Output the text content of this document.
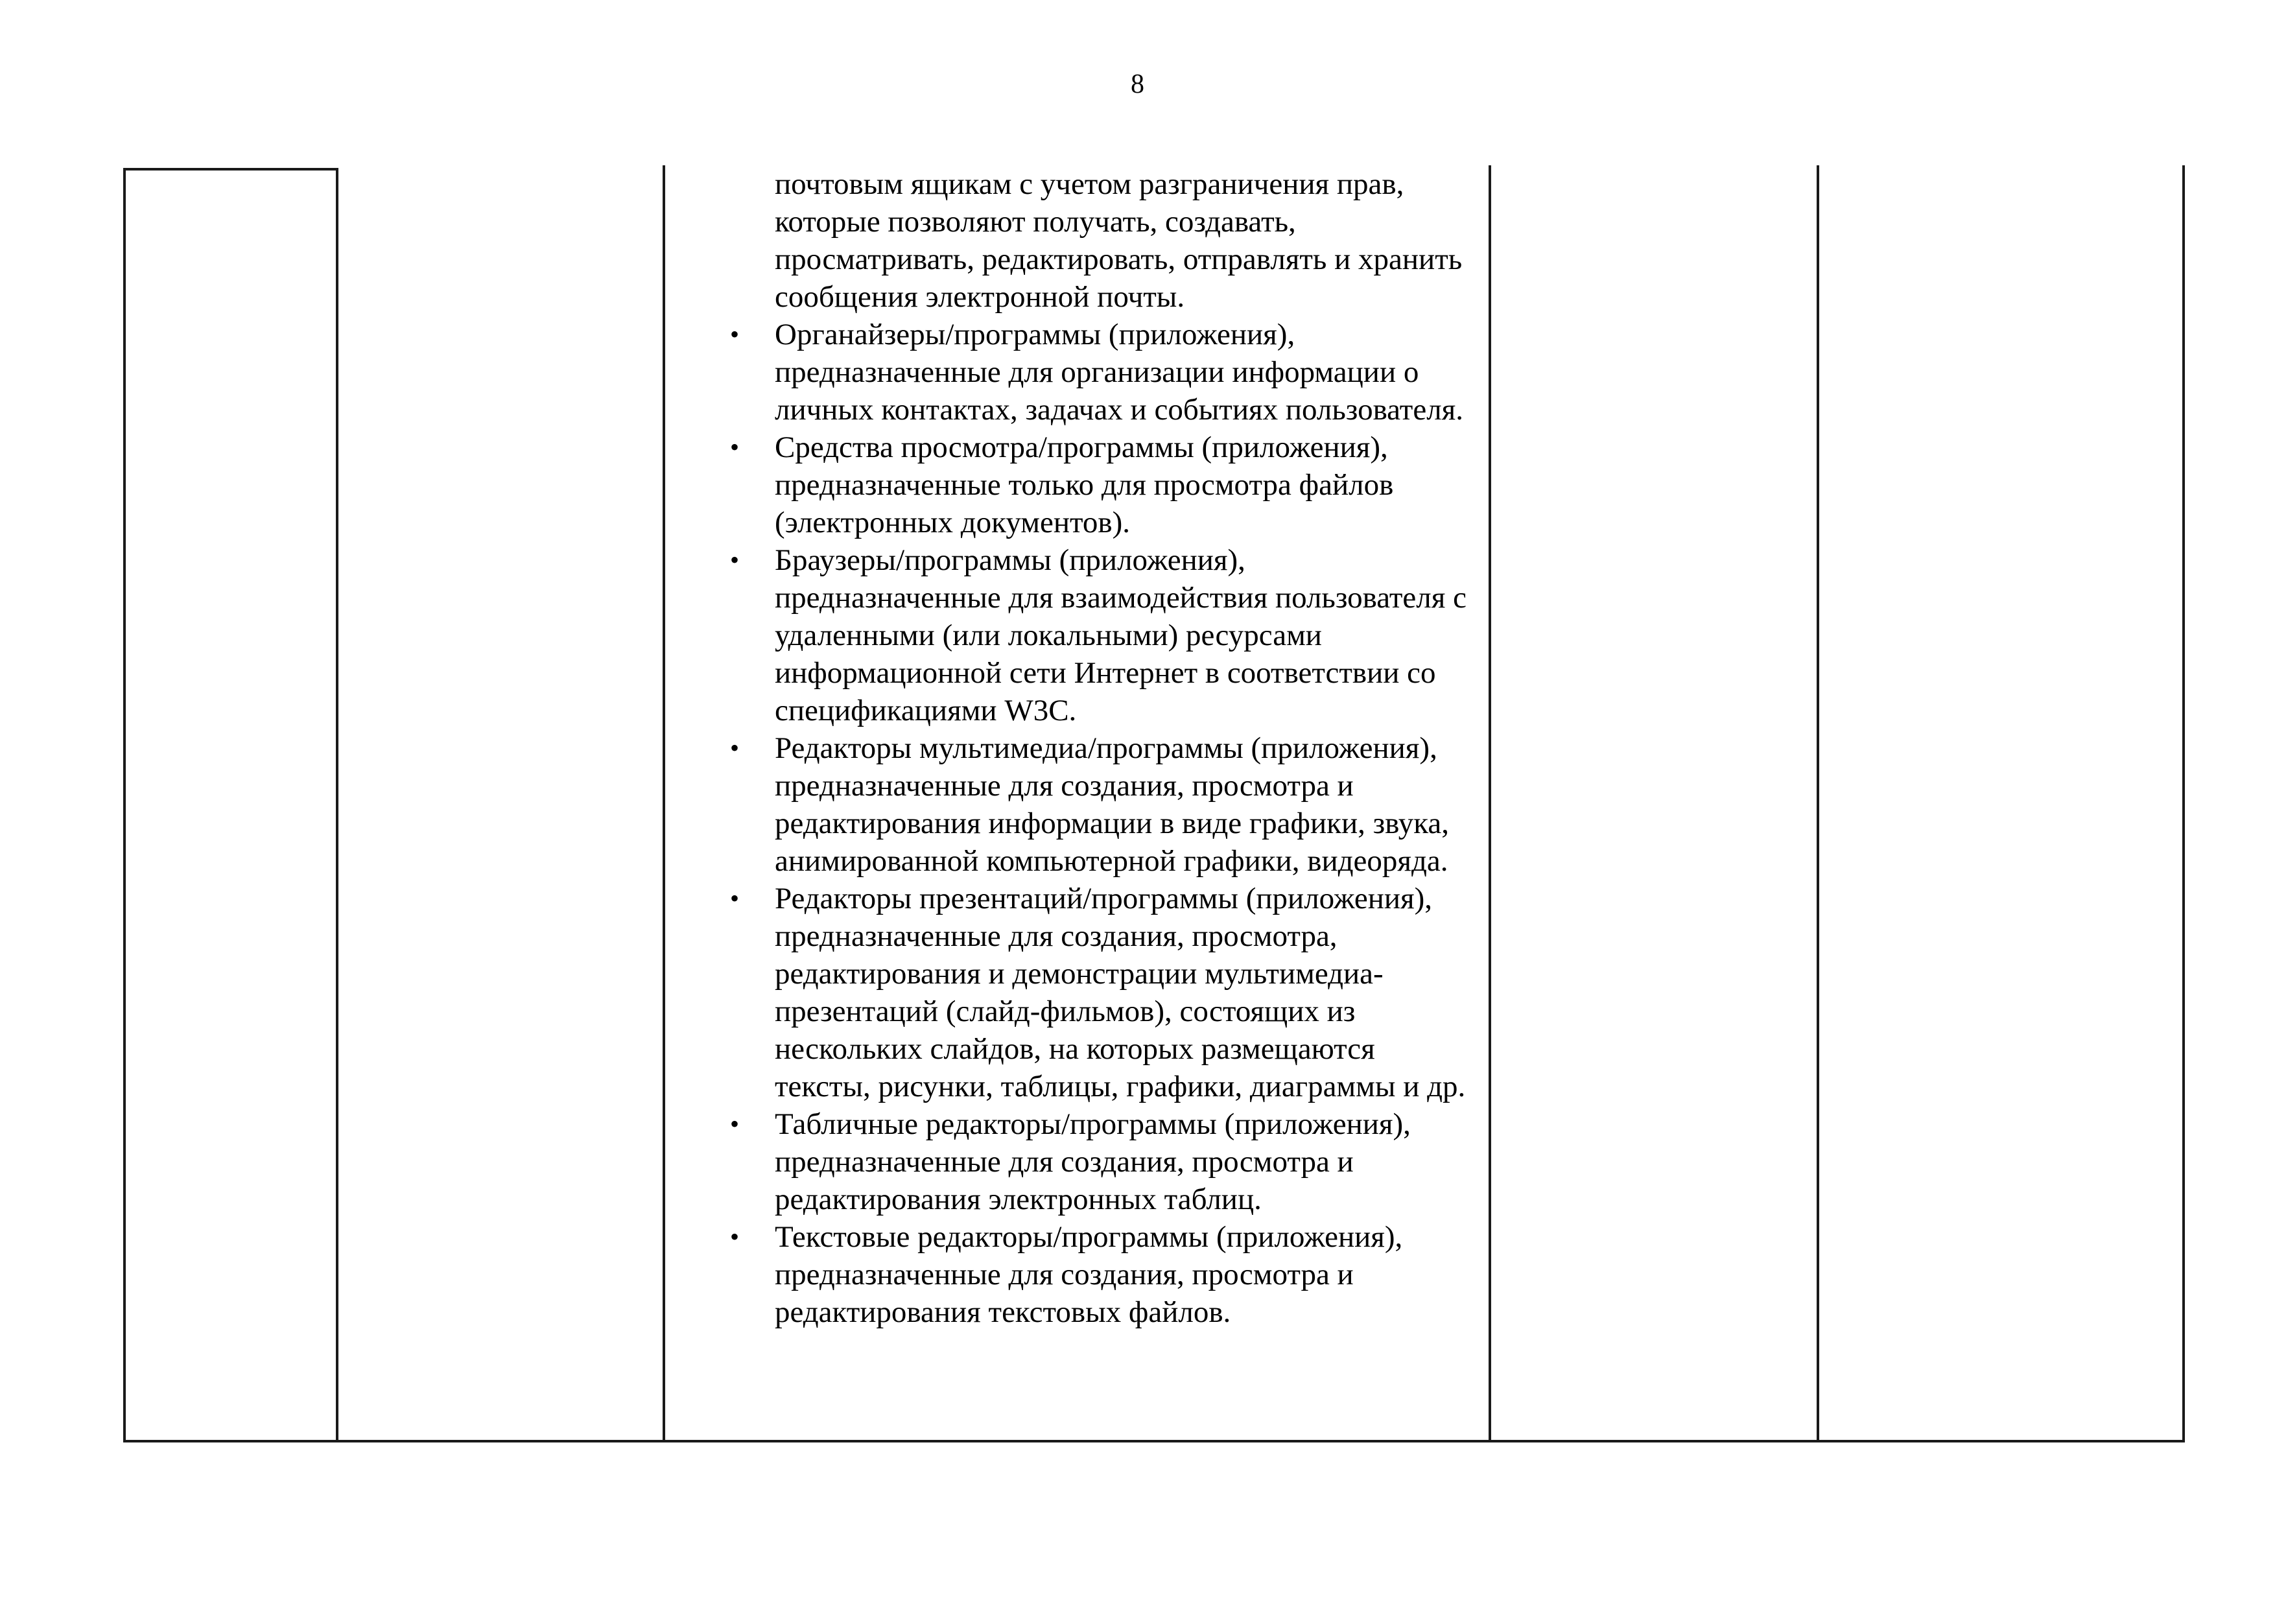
8
почтовым ящикам с учетом разграничения прав, которые позволяют получать, создавать, просматривать, редактировать, отправлять и хранить сообщения электронной почты.
•	Органайзеры/программы (приложения), предназначенные для организации информации о личных контактах, задачах и событиях пользователя.
•	Средства просмотра/программы (приложения), предназначенные только для просмотра файлов (электронных документов).
•	Браузеры/программы (приложения), предназначенные для взаимодействия пользователя с удаленными (или локальными) ресурсами информационной сети Интернет в соответствии со спецификациями W3C.
•	Редакторы мультимедиа/программы (приложения), предназначенные для создания, просмотра и редактирования информации в виде графики, звука, анимированной компьютерной графики, видеоряда.
•	Редакторы презентаций/программы (приложения), предназначенные для создания, просмотра, редактирования и демонстрации мультимедиа-презентаций (слайд-фильмов), состоящих из нескольких слайдов, на которых размещаются тексты, рисунки, таблицы, графики, диаграммы и др.
•	Табличные редакторы/программы (приложения), предназначенные для создания, просмотра и редактирования электронных таблиц.
•	Текстовые редакторы/программы (приложения), предназначенные для создания, просмотра и редактирования текстовых файлов.
